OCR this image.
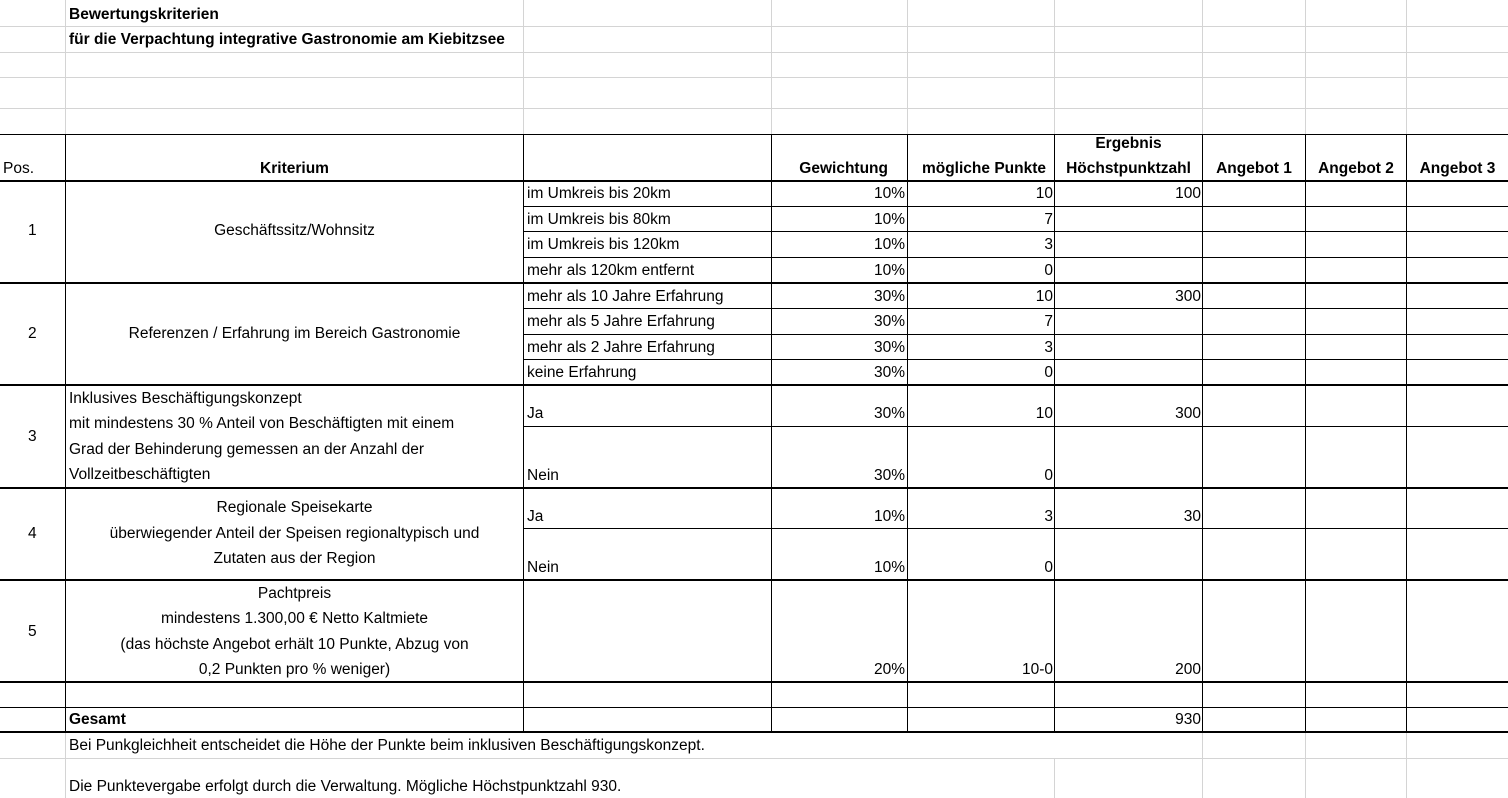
Bewertungskriterien
für die Verpachtung integrative Gastronomie am Kiebitzsee
Pos.	Kriterium	Gewichtung	mögliche Punkte
Ergebnis
Höchstpunktzahl	Angebot 1	Angebot 2	Angebot 3
1	Geschäftssitz/Wohnsitz
im Umkreis bis 20km	10%	10	100
im Umkreis bis 80km	10%	7
im Umkreis bis 120km	10%	3
mehr als 120km entfernt	10%	0
2	Referenzen / Erfahrung im Bereich Gastronomie
mehr als 10 Jahre Erfahrung	30%	10	300
mehr als 5 Jahre Erfahrung	30%	7
mehr als 2 Jahre Erfahrung	30%	3
keine Erfahrung	30%	0
3
Inklusives Beschäftigungskonzept
mit mindestens 30 % Anteil von Beschäftigten mit einem
Grad der Behinderung gemessen an der Anzahl der
Vollzeitbeschäftigten
Ja	30%	10	300
Nein	30%	0
4
Regionale Speisekarte
überwiegender Anteil der Speisen regionaltypisch und
Zutaten aus der Region
Ja	10%	3	30
Nein	10%	0
5
Pachtpreis
mindestens 1.300,00 € Netto Kaltmiete
(das höchste Angebot erhält 10 Punkte, Abzug von
0,2 Punkten pro % weniger)	20%	10-0	200
Gesamt	930
Bei Punkgleichheit entscheidet die Höhe der Punkte beim inklusiven Beschäftigungskonzept.
Die Punktevergabe erfolgt durch die Verwaltung. Mögliche Höchstpunktzahl 930.
